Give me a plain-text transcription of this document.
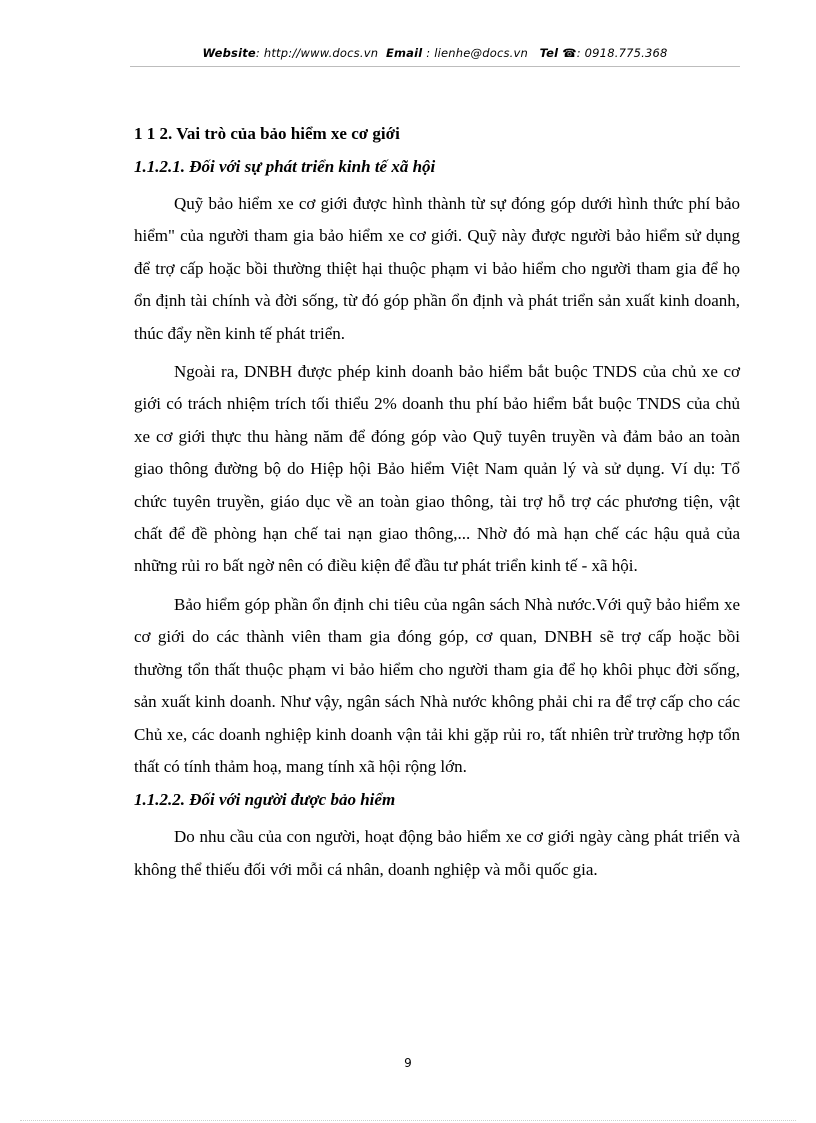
Website: http://www.docs.vn Email : lienhe@docs.vn Tel ☎: 0918.775.368
1 1 2. Vai trò của bảo hiểm xe cơ giới
1.1.2.1. Đối với sự phát triển kinh tế xã hội

Quỹ bảo hiểm xe cơ giới được hình thành từ sự đóng góp dưới hình thức phí bảo hiểm" của người tham gia bảo hiểm xe cơ giới. Quỹ này được người bảo hiểm sử dụng để trợ cấp hoặc bồi thường thiệt hại thuộc phạm vi bảo hiểm cho người tham gia để họ ổn định tài chính và đời sống, từ đó góp phần ổn định và phát triển sản xuất kinh doanh, thúc đẩy nền kinh tế phát triển.

Ngoài ra, DNBH được phép kinh doanh bảo hiểm bắt buộc TNDS của chủ xe cơ giới có trách nhiệm trích tối thiểu 2% doanh thu phí bảo hiểm bắt buộc TNDS của chủ xe cơ giới thực thu hàng năm để đóng góp vào Quỹ tuyên truyền và đảm bảo an toàn giao thông đường bộ do Hiệp hội Bảo hiểm Việt Nam quản lý và sử dụng. Ví dụ: Tổ chức tuyên truyền, giáo dục về an toàn giao thông, tài trợ hỗ trợ các phương tiện, vật chất để đề phòng hạn chế tai nạn giao thông,... Nhờ đó mà hạn chế các hậu quả của những rủi ro bất ngờ nên có điều kiện để đầu tư phát triển kinh tế - xã hội.

Bảo hiểm góp phần ổn định chi tiêu của ngân sách Nhà nước.Với quỹ bảo hiểm xe cơ giới do các thành viên tham gia đóng góp, cơ quan, DNBH sẽ trợ cấp hoặc bồi thường tổn thất thuộc phạm vi bảo hiểm cho người tham gia để họ khôi phục đời sống, sản xuất kinh doanh. Như vậy, ngân sách Nhà nước không phải chi ra để trợ cấp cho các Chủ xe, các doanh nghiệp kinh doanh vận tải khi gặp rủi ro, tất nhiên trừ trường hợp tổn thất có tính thảm hoạ, mang tính xã hội rộng lớn.

1.1.2.2. Đối với người được bảo hiểm

Do nhu cầu của con người, hoạt động bảo hiểm xe cơ giới ngày càng phát triển và không thể thiếu đối với mỗi cá nhân, doanh nghiệp và mỗi quốc gia.

9
